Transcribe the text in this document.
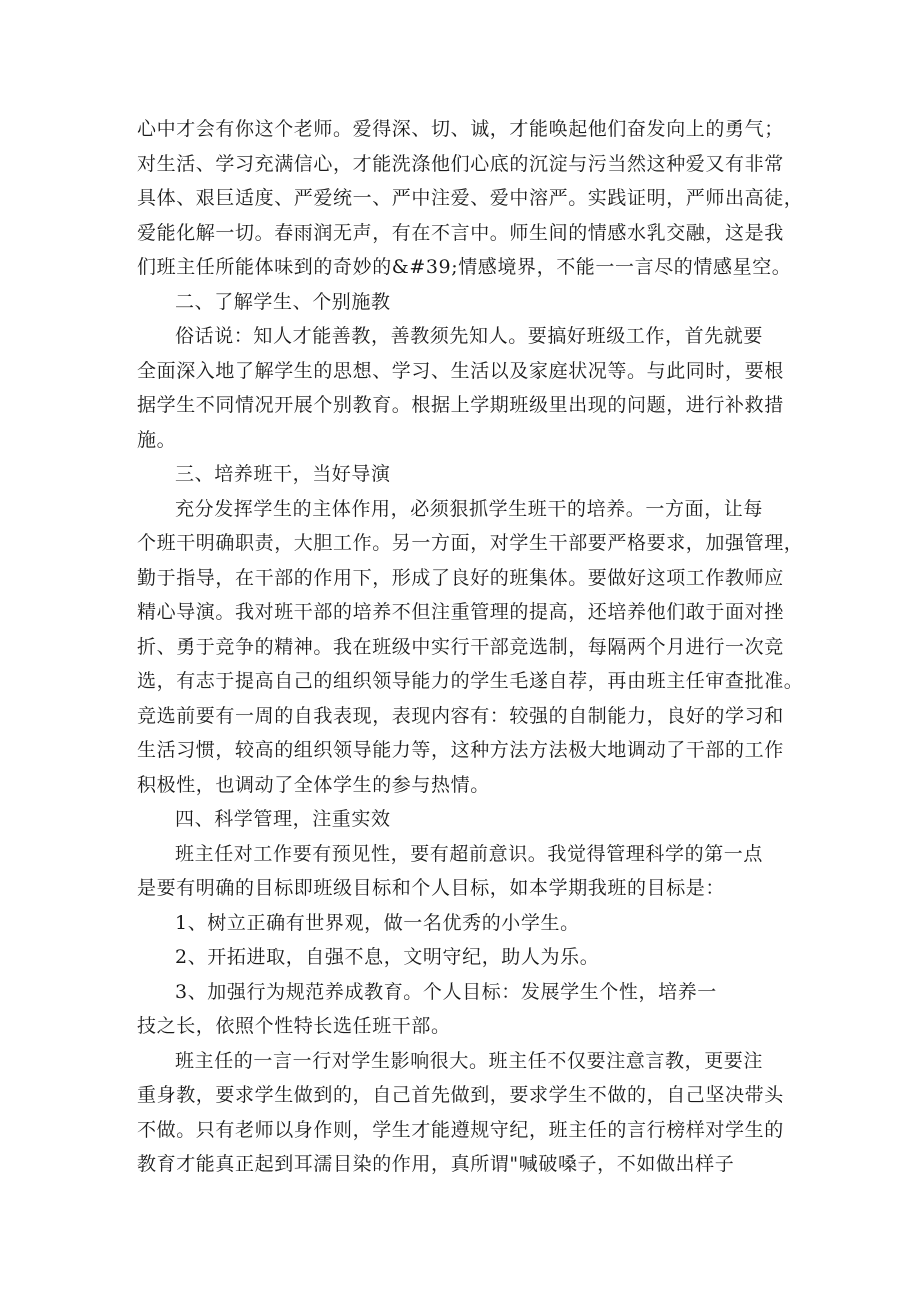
心中才会有你这个老师。爱得深、切、诚，才能唤起他们奋发向上的勇气；
对生活、学习充满信心，才能洗涤他们心底的沉淀与污当然这种爱又有非常
具体、艰巨适度、严爱统一、严中注爱、爱中溶严。实践证明，严师出高徒，
爱能化解一切。春雨润无声，有在不言中。师生间的情感水乳交融，这是我
们班主任所能体味到的奇妙的&#39;情感境界，不能一一言尽的情感星空。
二、了解学生、个别施教
俗话说：知人才能善教，善教须先知人。要搞好班级工作，首先就要
全面深入地了解学生的思想、学习、生活以及家庭状况等。与此同时，要根
据学生不同情况开展个别教育。根据上学期班级里出现的问题，进行补救措
施。
三、培养班干，当好导演
充分发挥学生的主体作用，必须狠抓学生班干的培养。一方面，让每
个班干明确职责，大胆工作。另一方面，对学生干部要严格要求，加强管理，
勤于指导，在干部的作用下，形成了良好的班集体。要做好这项工作教师应
精心导演。我对班干部的培养不但注重管理的提高，还培养他们敢于面对挫
折、勇于竞争的精神。我在班级中实行干部竞选制，每隔两个月进行一次竞
选，有志于提高自己的组织领导能力的学生毛遂自荐，再由班主任审查批准。
竞选前要有一周的自我表现，表现内容有：较强的自制能力，良好的学习和
生活习惯，较高的组织领导能力等，这种方法方法极大地调动了干部的工作
积极性，也调动了全体学生的参与热情。
四、科学管理，注重实效
班主任对工作要有预见性，要有超前意识。我觉得管理科学的第一点
是要有明确的目标即班级目标和个人目标，如本学期我班的目标是：
1、树立正确有世界观，做一名优秀的小学生。
2、开拓进取，自强不息，文明守纪，助人为乐。
3、加强行为规范养成教育。个人目标：发展学生个性，培养一
技之长，依照个性特长选任班干部。
班主任的一言一行对学生影响很大。班主任不仅要注意言教，更要注
重身教，要求学生做到的，自己首先做到，要求学生不做的，自己坚决带头
不做。只有老师以身作则，学生才能遵规守纪，班主任的言行榜样对学生的
教育才能真正起到耳濡目染的作用，真所谓"喊破嗓子，不如做出样子
